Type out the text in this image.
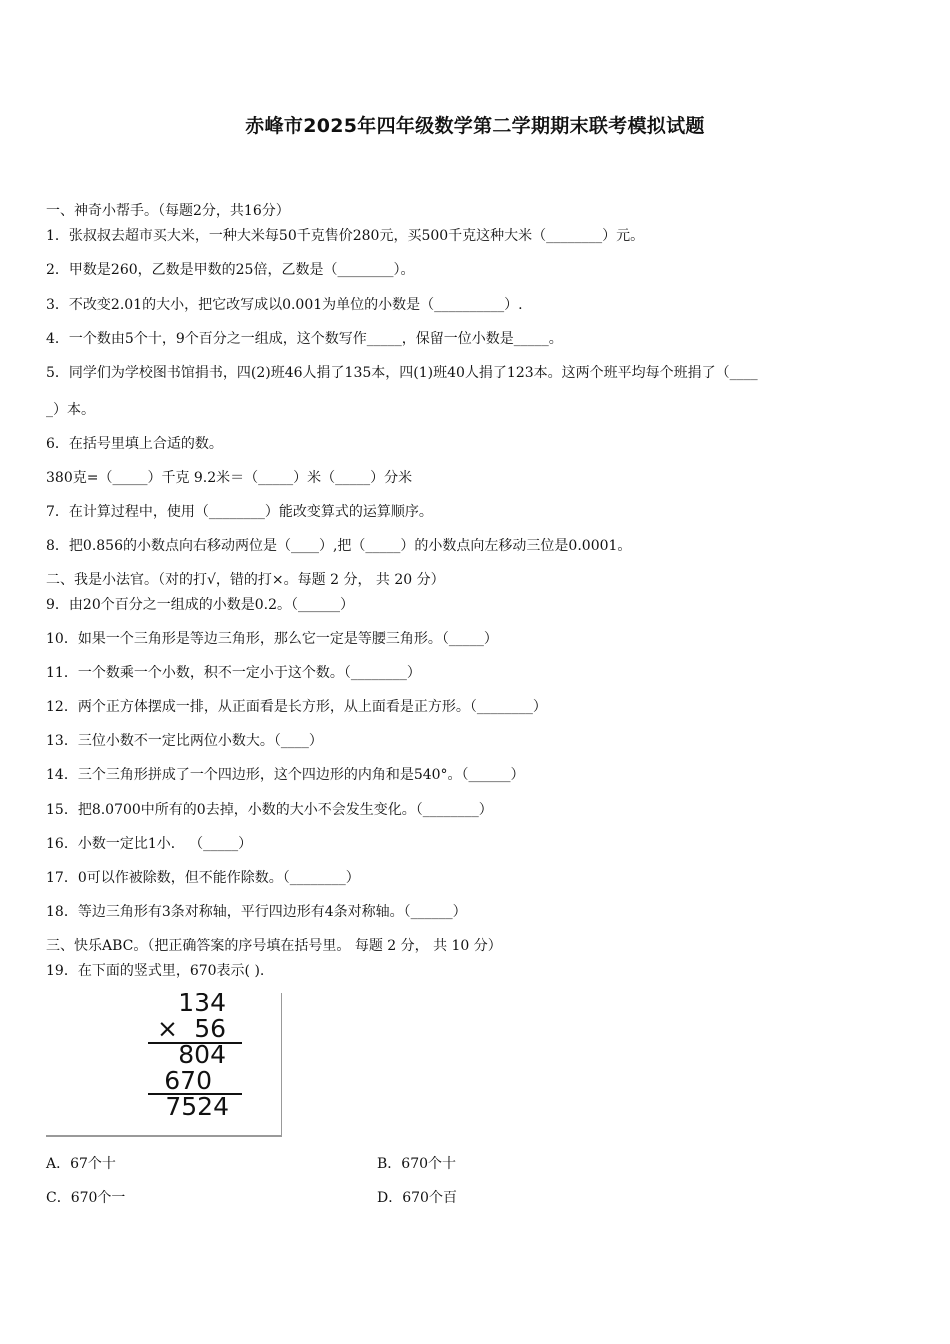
赤峰市2025年四年级数学第二学期期末联考模拟试题
一、神奇小帮手。（每题2分，共16分）
1．张叔叔去超市买大米，一种大米每50千克售价280元，买500千克这种大米（________）元。
2．甲数是260，乙数是甲数的25倍，乙数是（________）。
3．不改变2.01的大小，把它改写成以0.001为单位的小数是（__________）.
4．一个数由5个十，9个百分之一组成，这个数写作_____，保留一位小数是_____。
5．同学们为学校图书馆捐书，四(2)班46人捐了135本，四(1)班40人捐了123本。这两个班平均每个班捐了（____
_）本。
6．在括号里填上合适的数。
380克=（_____）千克 9.2米＝（_____）米（_____）分米
7．在计算过程中，使用（________）能改变算式的运算顺序。
8．把0.856的小数点向右移动两位是（____）,把（_____）的小数点向左移动三位是0.0001。
二、我是小法官。（对的打√，错的打×。每题 2 分， 共 20 分）
9．由20个百分之一组成的小数是0.2。（______）
10．如果一个三角形是等边三角形，那么它一定是等腰三角形。（_____）
11．一个数乘一个小数，积不一定小于这个数。（________）
12．两个正方体摆成一排，从正面看是长方形，从上面看是正方形。（________）
13．三位小数不一定比两位小数大。（____）
14．三个三角形拼成了一个四边形，这个四边形的内角和是540°。（______）
15．把8.0700中所有的0去掉，小数的大小不会发生变化。（________）
16．小数一定比1小． （_____）
17．0可以作被除数，但不能作除数。（________）
18．等边三角形有3条对称轴，平行四边形有4条对称轴。（______）
三、快乐ABC。（把正确答案的序号填在括号里。 每题 2 分， 共 10 分）
19．在下面的竖式里，670表示( ).
134
× 56
804
670
7524
A．67个十	B．670个十
C．670个一	D．670个百
